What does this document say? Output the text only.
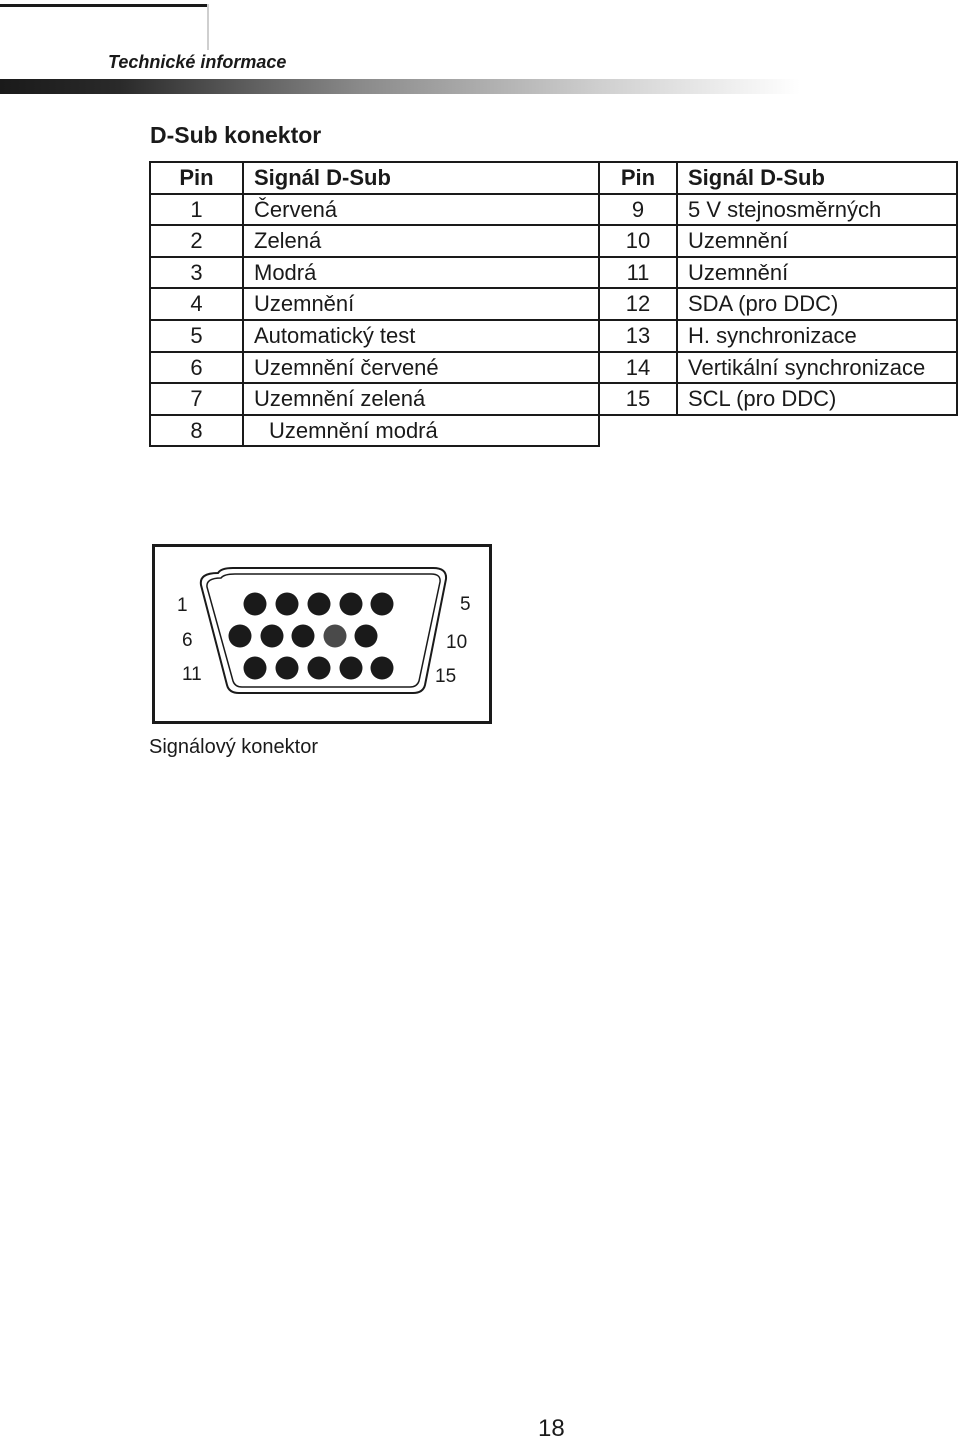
Technické informace
D-Sub konektor
Pin	Signál D-Sub	Pin	Signál D-Sub
1	Červená	9	5 V stejnosměrných
2	Zelená	10	Uzemnění
3	Modrá	11	Uzemnění
4	Uzemnění	12	SDA (pro DDC)
5	Automatický test	13	H. synchronizace
6	Uzemnění červené	14	Vertikální synchronizace
7	Uzemnění zelená	15	SCL (pro DDC)
8	Uzemnění modrá		
1	5
6	10
11	15
Signálový konektor
18
